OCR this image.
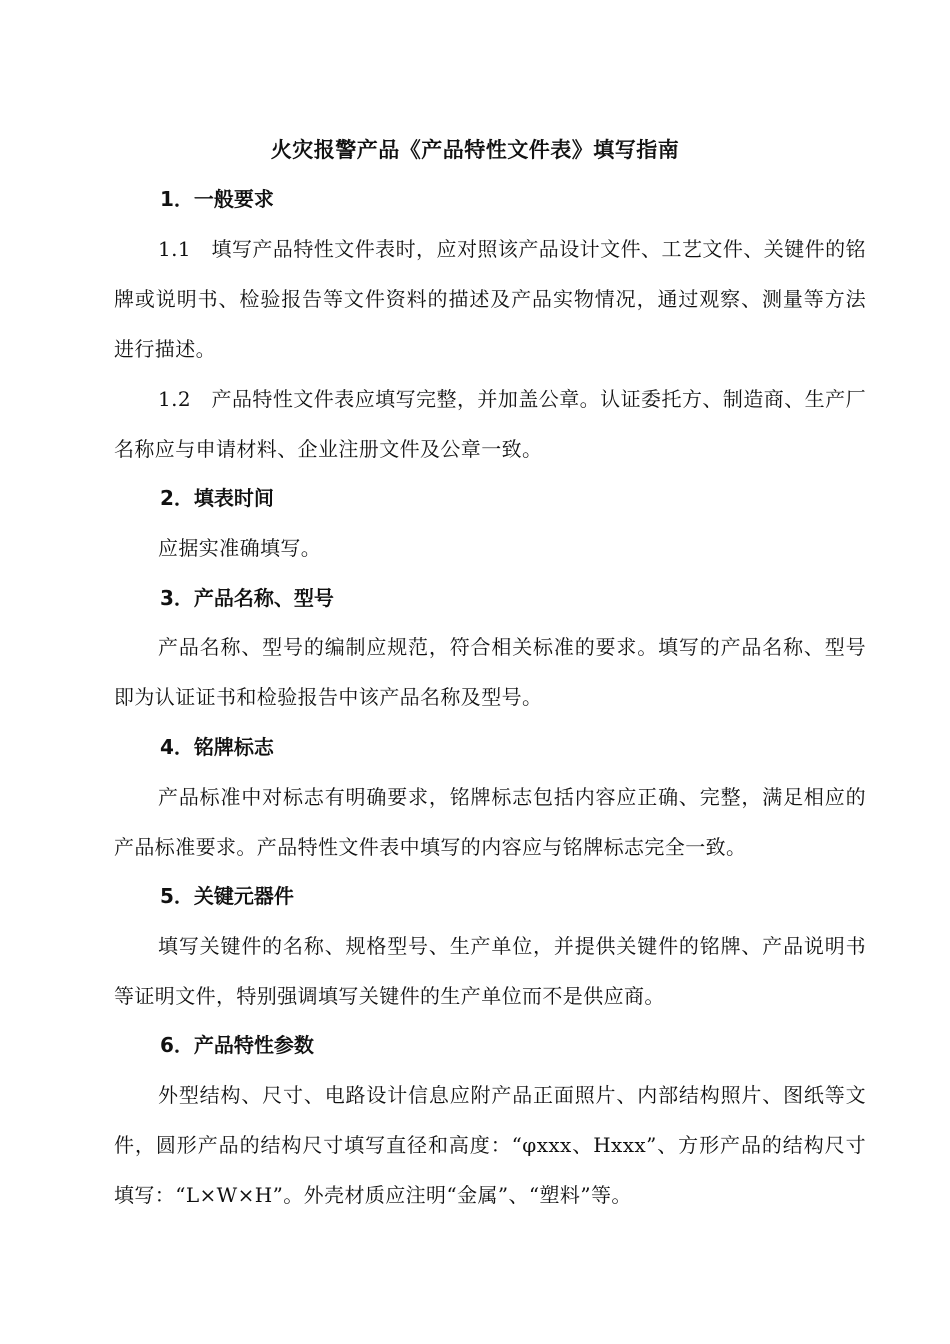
火灾报警产品《产品特性文件表》填写指南
1．一般要求
1.1　填写产品特性文件表时，应对照该产品设计文件、工艺文件、关键件的铭牌或说明书、检验报告等文件资料的描述及产品实物情况，通过观察、测量等方法进行描述。
1.2　产品特性文件表应填写完整，并加盖公章。认证委托方、制造商、生产厂名称应与申请材料、企业注册文件及公章一致。
2．填表时间
应据实准确填写。
3．产品名称、型号
产品名称、型号的编制应规范，符合相关标准的要求。填写的产品名称、型号即为认证证书和检验报告中该产品名称及型号。
4．铭牌标志
产品标准中对标志有明确要求，铭牌标志包括内容应正确、完整，满足相应的产品标准要求。产品特性文件表中填写的内容应与铭牌标志完全一致。
5．关键元器件
填写关键件的名称、规格型号、生产单位，并提供关键件的铭牌、产品说明书等证明文件，特别强调填写关键件的生产单位而不是供应商。
6．产品特性参数
外型结构、尺寸、电路设计信息应附产品正面照片、内部结构照片、图纸等文件，圆形产品的结构尺寸填写直径和高度：“φxxx、Hxxx”、方形产品的结构尺寸填写：“L×W×H”。外壳材质应注明“金属”、“塑料”等。
